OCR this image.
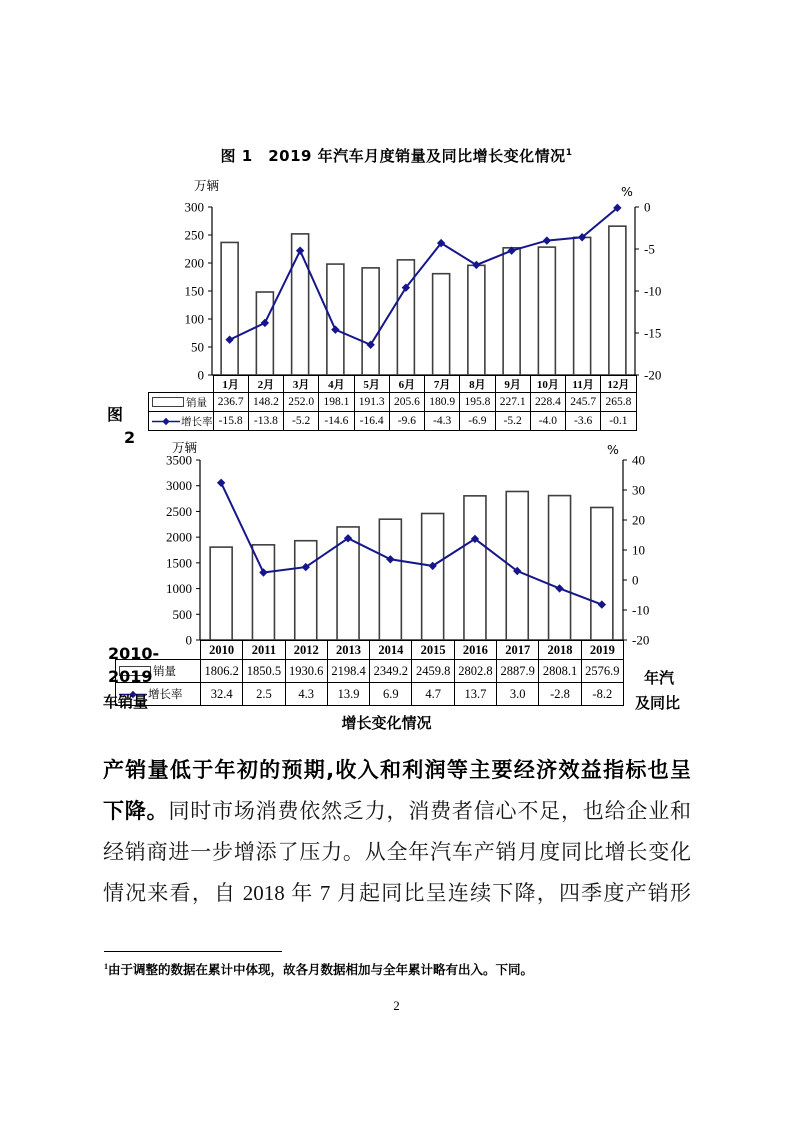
图 1　2019 年汽车月度销量及同比增长变化情况$^1$
0
50
100
150
200
250
300
-20
-15
-10
-5
0
万辆	%
	1月	2月	3月	4月	5月	6月	7月	8月	9月	10月	11月	12月
销量	236.7	148.2	252.0	198.1	191.3	205.6	180.9	195.8	227.1	228.4	245.7	265.8
增长率	-15.8	-13.8	-5.2	-14.6	-16.4	-9.6	-4.3	-6.9	-5.2	-4.0	-3.6	-0.1
0
500
1000
1500
2000
2500
3000
3500
-20
-10
0
10
20
30
40
万辆	%
	2010	2011	2012	2013	2014	2015	2016	2017	2018	2019
销量	1806.2	1850.5	1930.6	2198.4	2349.2	2459.8	2802.8	2887.9	2808.1	2576.9
增长率	32.4	2.5	4.3	13.9	6.9	4.7	13.7	3.0	-2.8	-8.2
图
2
2010-
2019
车销量
年汽
及同比
增长变化情况
产销量低于年初的预期,收入和利润等主要经济效益指标也呈
下降。同时市场消费依然乏力，消费者信心不足，也给企业和
经销商进一步增添了压力。从全年汽车产销月度同比增长变化
情况来看，自 2018 年 7 月起同比呈连续下降，四季度产销形
$^1$由于调整的数据在累计中体现，故各月数据相加与全年累计略有出入。下同。
2
